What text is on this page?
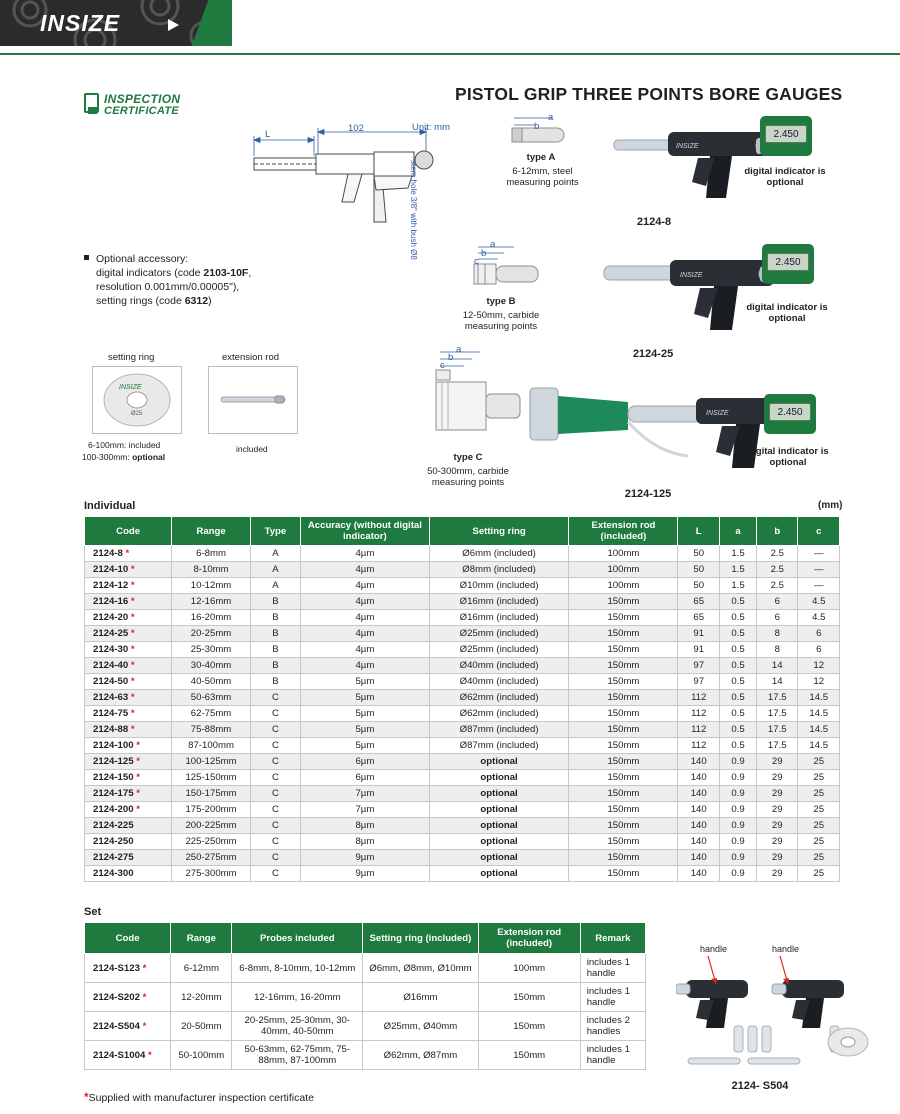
INSIZE
INSPECTION
CERTIFICATE
PISTOL GRIP THREE POINTS BORE GAUGES
L
102	Unit: mm
stem hole 3/8" with bush Ø8
Optional accessory:
digital indicators (code 2103-10F,
resolution 0.001mm/0.00005"),
setting rings (code 6312)
setting ring
INSIZE
Ø25
6-100mm: included
100-300mm: optional
extension rod
included
a
b
type A
6-12mm, steel measuring points
a
b
c
type B
12-50mm, carbide measuring points
a
b
c
type C
50-300mm, carbide measuring points
INSIZE
2.450
digital indicator is optional
2124-8
INSIZE
2.450
digital indicator is optional
2124-25
INSIZE	2.450
digital indicator is optional
2124-125
Individual	(mm)
Code	Range	Type	Accuracy (without digital indicator)	Setting ring	Extension rod (included)	L	a	b	c
2124-8 *	6-8mm	A	4µm	Ø6mm (included)	100mm	50	1.5	2.5	—
2124-10 *	8-10mm	A	4µm	Ø8mm (included)	100mm	50	1.5	2.5	—
2124-12 *	10-12mm	A	4µm	Ø10mm (included)	100mm	50	1.5	2.5	—
2124-16 *	12-16mm	B	4µm	Ø16mm (included)	150mm	65	0.5	6	4.5
2124-20 *	16-20mm	B	4µm	Ø16mm (included)	150mm	65	0.5	6	4.5
2124-25 *	20-25mm	B	4µm	Ø25mm (included)	150mm	91	0.5	8	6
2124-30 *	25-30mm	B	4µm	Ø25mm (included)	150mm	91	0.5	8	6
2124-40 *	30-40mm	B	4µm	Ø40mm (included)	150mm	97	0.5	14	12
2124-50 *	40-50mm	B	5µm	Ø40mm (included)	150mm	97	0.5	14	12
2124-63 *	50-63mm	C	5µm	Ø62mm (included)	150mm	112	0.5	17.5	14.5
2124-75 *	62-75mm	C	5µm	Ø62mm (included)	150mm	112	0.5	17.5	14.5
2124-88 *	75-88mm	C	5µm	Ø87mm (included)	150mm	112	0.5	17.5	14.5
2124-100 *	87-100mm	C	5µm	Ø87mm (included)	150mm	112	0.5	17.5	14.5
2124-125 *	100-125mm	C	6µm	optional	150mm	140	0.9	29	25
2124-150 *	125-150mm	C	6µm	optional	150mm	140	0.9	29	25
2124-175 *	150-175mm	C	7µm	optional	150mm	140	0.9	29	25
2124-200 *	175-200mm	C	7µm	optional	150mm	140	0.9	29	25
2124-225	200-225mm	C	8µm	optional	150mm	140	0.9	29	25
2124-250	225-250mm	C	8µm	optional	150mm	140	0.9	29	25
2124-275	250-275mm	C	9µm	optional	150mm	140	0.9	29	25
2124-300	275-300mm	C	9µm	optional	150mm	140	0.9	29	25
Set
Code	Range	Probes included	Setting ring (included)	Extension rod (included)	Remark
2124-S123 *	6-12mm	6-8mm, 8-10mm, 10-12mm	Ø6mm, Ø8mm, Ø10mm	100mm	includes 1 handle
2124-S202 *	12-20mm	12-16mm, 16-20mm	Ø16mm	150mm	includes 1 handle
2124-S504 *	20-50mm	20-25mm, 25-30mm, 30-40mm, 40-50mm	Ø25mm, Ø40mm	150mm	includes 2 handles
2124-S1004 *	50-100mm	50-63mm, 62-75mm, 75-88mm, 87-100mm	Ø62mm, Ø87mm	150mm	includes 1 handle
handle	handle
2124- S504
*Supplied with manufacturer inspection certificate
